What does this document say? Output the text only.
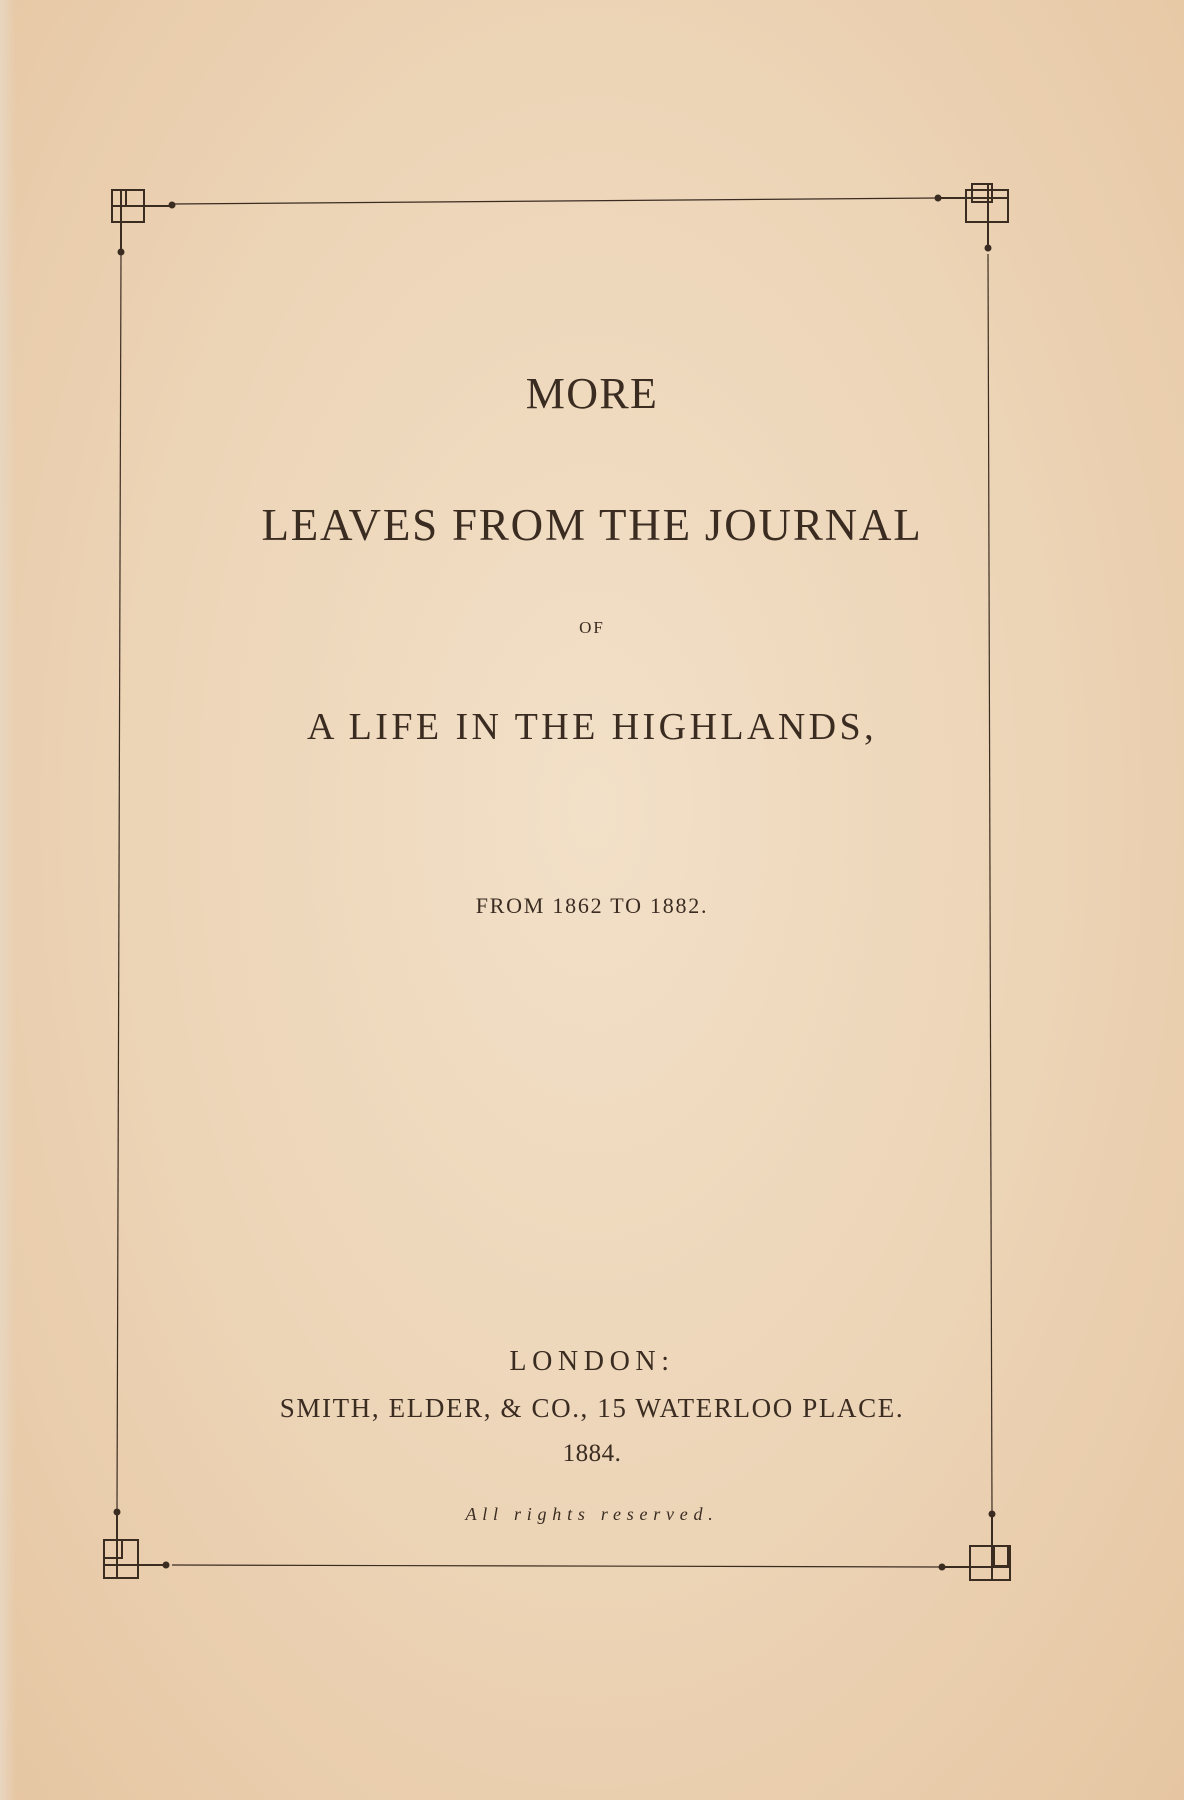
MORE
LEAVES FROM THE JOURNAL
OF
A LIFE IN THE HIGHLANDS,
FROM 1862 TO 1882.
LONDON:
SMITH, ELDER, & CO., 15 WATERLOO PLACE.
1884.
All rights reserved.
